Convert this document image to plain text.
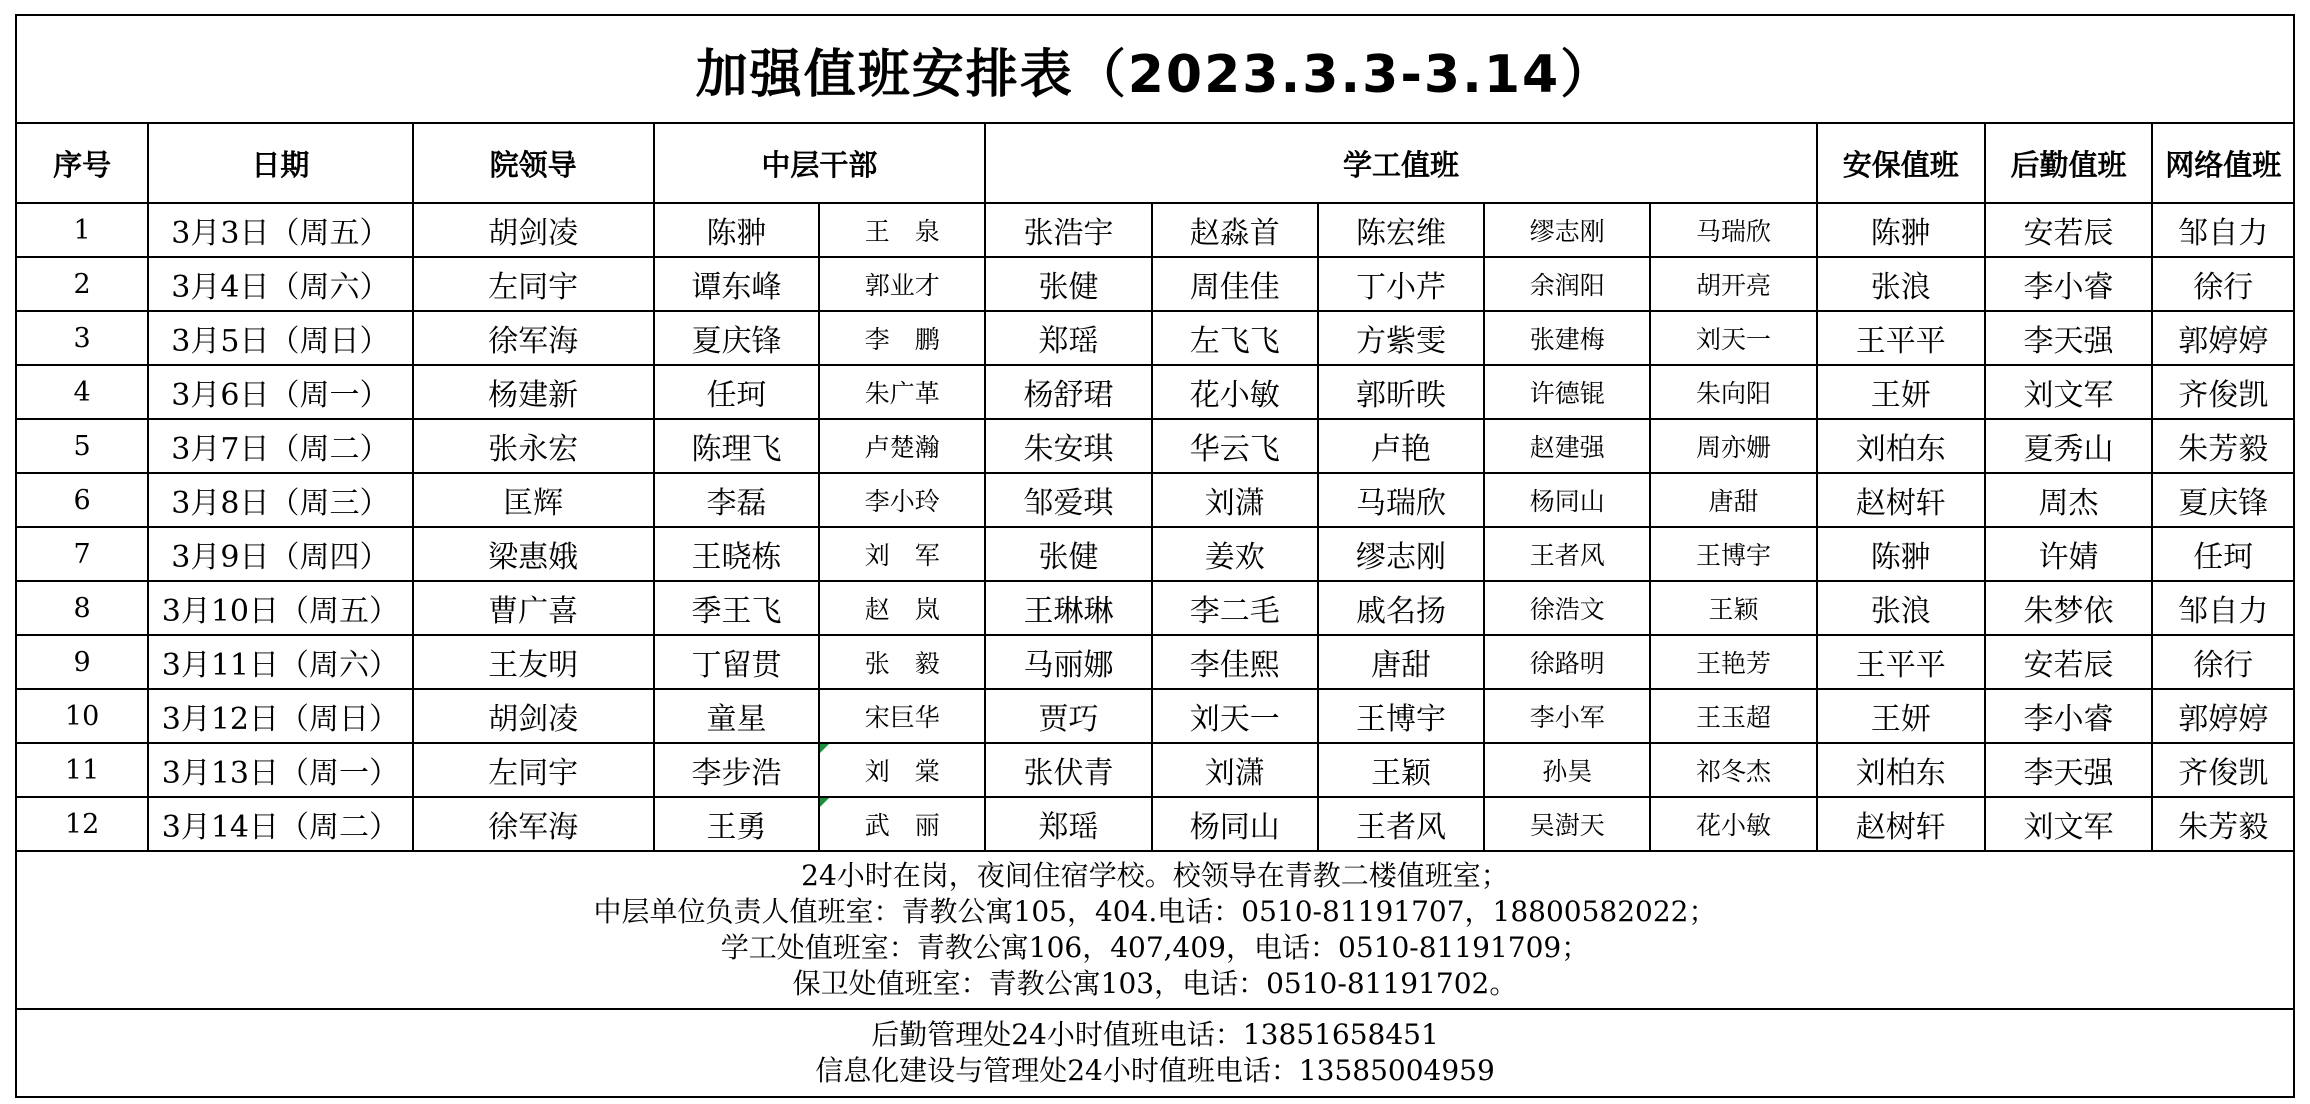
加强值班安排表（2023.3.3-3.14）												
序号	日期	院领导	中层干部		学工值班					安保值班	后勤值班	网络值班
1	3月3日（周五）	胡剑凌	陈翀	王　泉	张浩宇	赵淼首	陈宏维	缪志刚	马瑞欣	陈翀	安若辰	邹自力
2	3月4日（周六）	左同宇	谭东峰	郭业才	张健	周佳佳	丁小芹	余润阳	胡开亮	张浪	李小睿	徐行
3	3月5日（周日）	徐军海	夏庆锋	李　鹏	郑瑶	左飞飞	方紫雯	张建梅	刘天一	王平平	李天强	郭婷婷
4	3月6日（周一）	杨建新	任珂	朱广革	杨舒珺	花小敏	郭昕昳	许德锟	朱向阳	王妍	刘文军	齐俊凯
5	3月7日（周二）	张永宏	陈理飞	卢楚瀚	朱安琪	华云飞	卢艳	赵建强	周亦姗	刘柏东	夏秀山	朱芳毅
6	3月8日（周三）	匡辉	李磊	李小玲	邹爱琪	刘潇	马瑞欣	杨同山	唐甜	赵树轩	周杰	夏庆锋
7	3月9日（周四）	梁惠娥	王晓栋	刘　军	张健	姜欢	缪志刚	王者风	王博宇	陈翀	许婧	任珂
8	3月10日（周五）	曹广喜	季王飞	赵　岚	王琳琳	李二毛	戚名扬	徐浩文	王颖	张浪	朱梦依	邹自力
9	3月11日（周六）	王友明	丁留贯	张　毅	马丽娜	李佳熙	唐甜	徐路明	王艳芳	王平平	安若辰	徐行
10	3月12日（周日）	胡剑凌	童星	宋巨华	贾巧	刘天一	王博宇	李小军	王玉超	王妍	李小睿	郭婷婷
11	3月13日（周一）	左同宇	李步浩	刘　棠	张伏青	刘潇	王颖	孙昊	祁冬杰	刘柏东	李天强	齐俊凯
12	3月14日（周二）	徐军海	王勇	武　丽	郑瑶	杨同山	王者风	吴澍天	花小敏	赵树轩	刘文军	朱芳毅

24小时在岗，夜间住宿学校。校领导在青教二楼值班室；
中层单位负责人值班室：青教公寓105，404.电话：0510-81191707，18800582022；
学工处值班室：青教公寓106，407,409，电话：0510-81191709；
保卫处值班室：青教公寓103，电话：0510-81191702。												

后勤管理处24小时值班电话：13851658451
信息化建设与管理处24小时值班电话：13585004959												
